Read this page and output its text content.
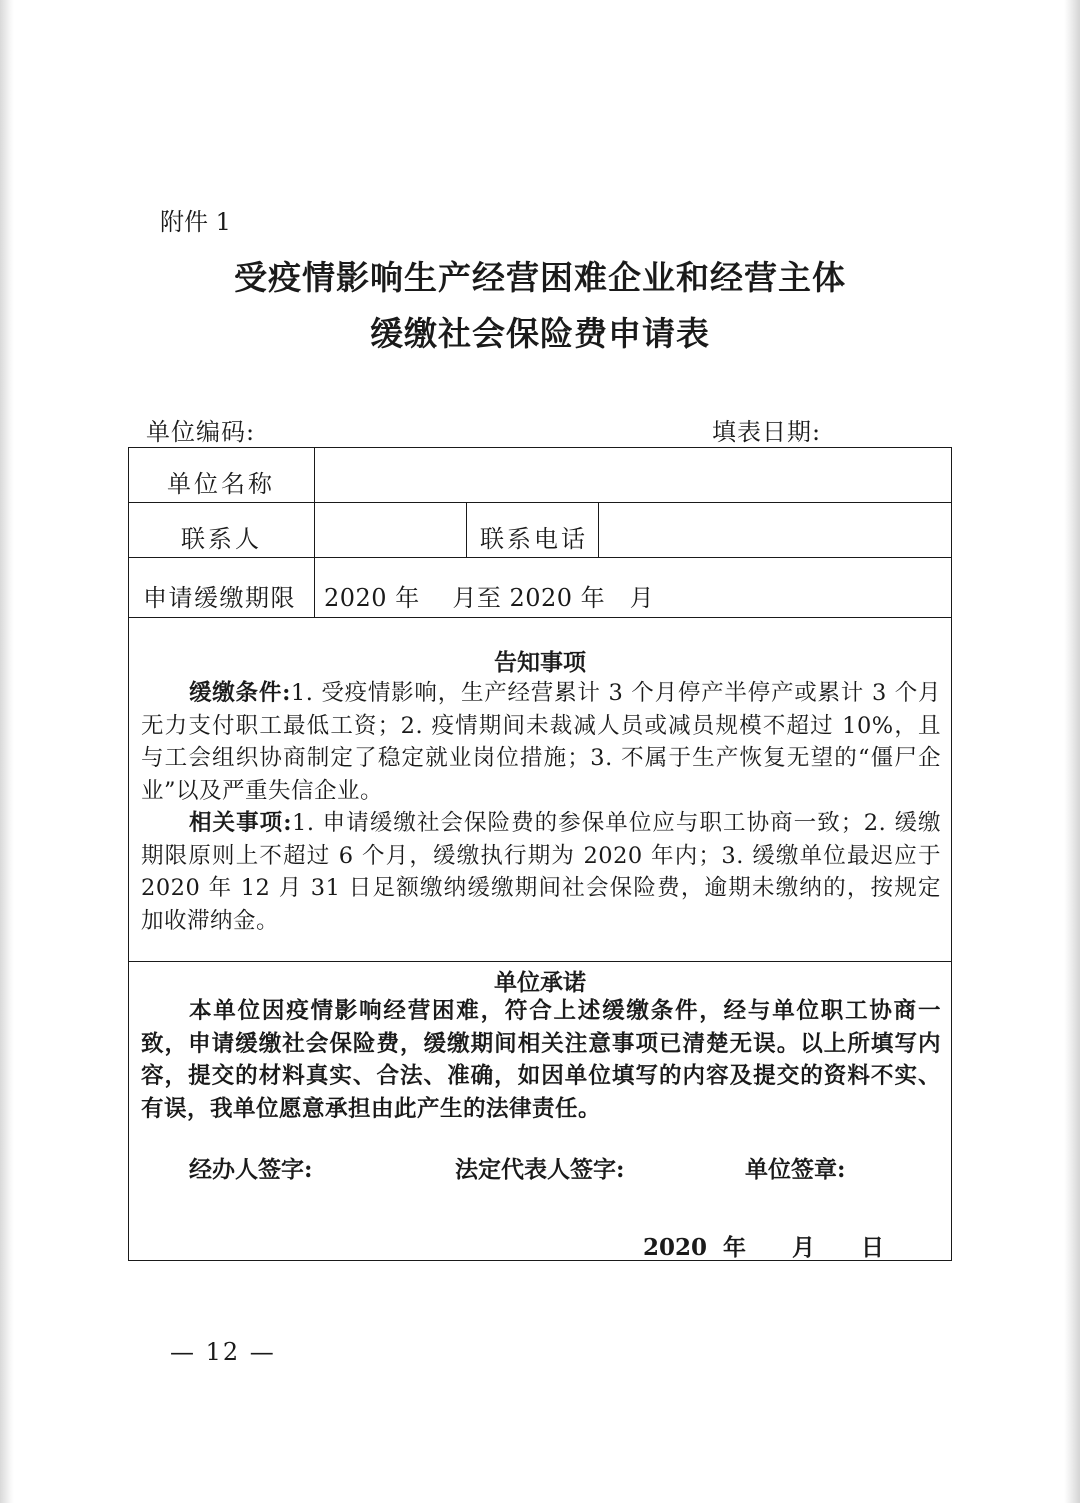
附件 1
受疫情影响生产经营困难企业和经营主体
缓缴社会保险费申请表
单位编码:	填表日期:
单位名称
联系人	联系电话
申请缓缴期限 2020 年　 月至 2020 年　月
告知事项
缓缴条件:1. 受疫情影响，生产经营累计 3 个月停产半停产或累计 3 个月无力支付职工最低工资；2. 疫情期间未裁减人员或减员规模不超过 10%，且与工会组织协商制定了稳定就业岗位措施；3. 不属于生产恢复无望的“僵尸企业”以及严重失信企业。
相关事项:1. 申请缓缴社会保险费的参保单位应与职工协商一致；2. 缓缴期限原则上不超过 6 个月，缓缴执行期为 2020 年内；3. 缓缴单位最迟应于 2020 年 12 月 31 日足额缴纳缓缴期间社会保险费，逾期未缴纳的，按规定加收滞纳金。
单位承诺
本单位因疫情影响经营困难，符合上述缓缴条件，经与单位职工协商一致，申请缓缴社会保险费，缓缴期间相关注意事项已清楚无误。以上所填写内容，提交的材料真实、合法、准确，如因单位填写的内容及提交的资料不实、有误，我单位愿意承担由此产生的法律责任。
经办人签字:	法定代表人签字:	单位签章:
2020 年　　月　　日
— 12 —
